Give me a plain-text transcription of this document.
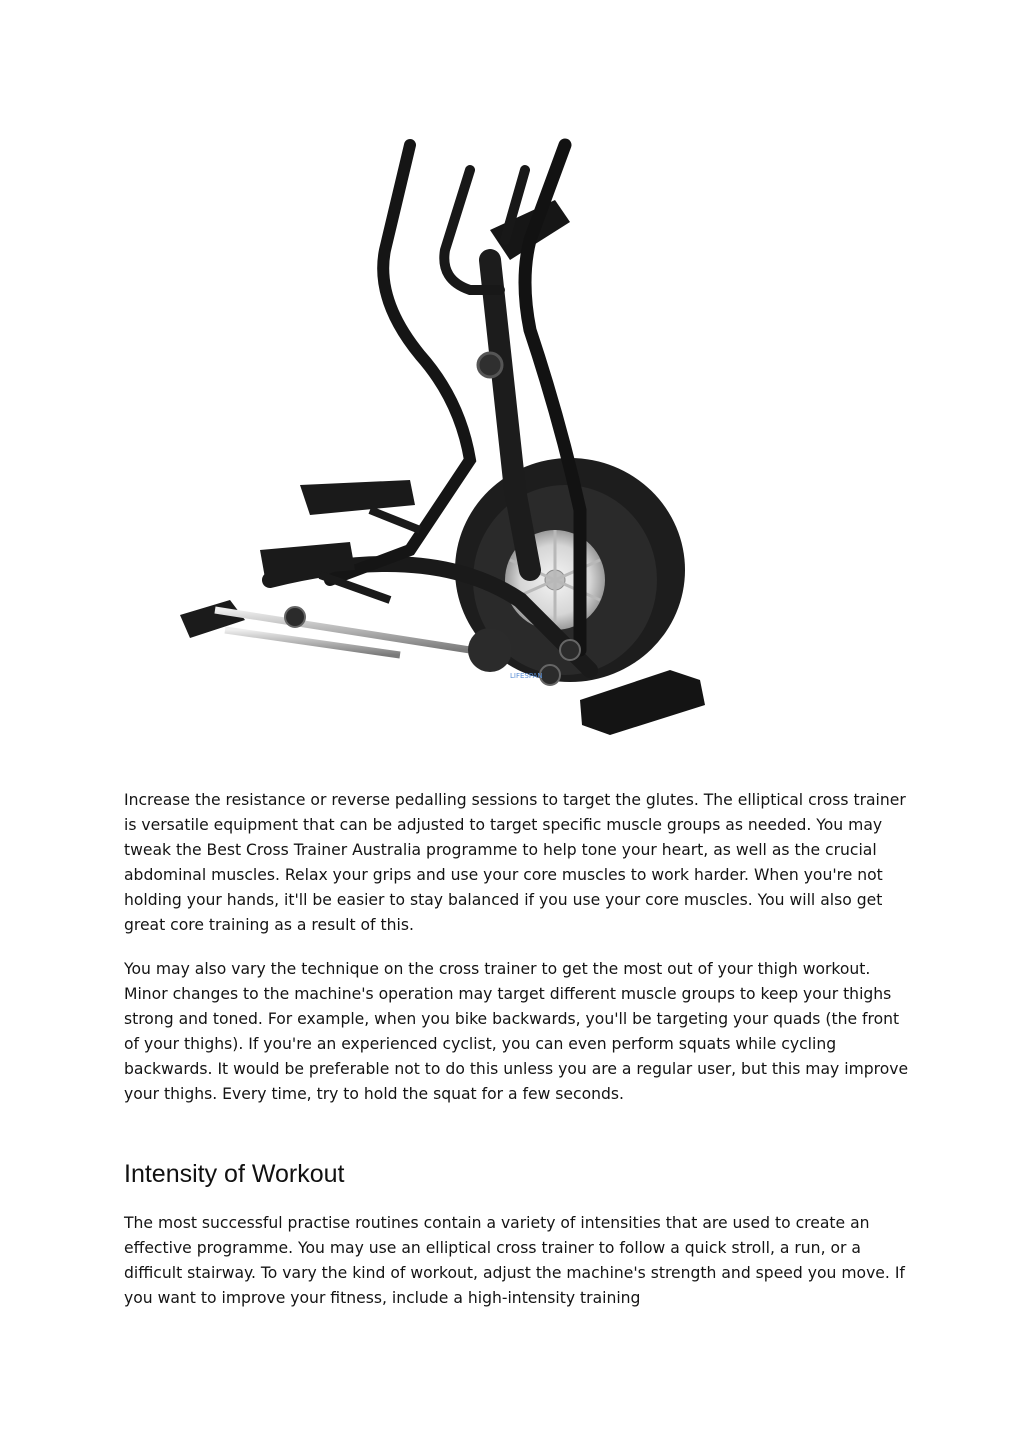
LIFESPAN

Increase the resistance or reverse pedalling sessions to target the glutes. The elliptical cross trainer is versatile equipment that can be adjusted to target specific muscle groups as needed. You may tweak the Best Cross Trainer Australia programme to help tone your heart, as well as the crucial abdominal muscles. Relax your grips and use your core muscles to work harder. When you're not holding your hands, it'll be easier to stay balanced if you use your core muscles. You will also get great core training as a result of this.

You may also vary the technique on the cross trainer to get the most out of your thigh workout. Minor changes to the machine's operation may target different muscle groups to keep your thighs strong and toned. For example, when you bike backwards, you'll be targeting your quads (the front of your thighs). If you're an experienced cyclist, you can even perform squats while cycling backwards. It would be preferable not to do this unless you are a regular user, but this may improve your thighs. Every time, try to hold the squat for a few seconds.

Intensity of Workout

The most successful practise routines contain a variety of intensities that are used to create an effective programme. You may use an elliptical cross trainer to follow a quick stroll, a run, or a difficult stairway. To vary the kind of workout, adjust the machine's strength and speed you move. If you want to improve your fitness, include a high-intensity training
